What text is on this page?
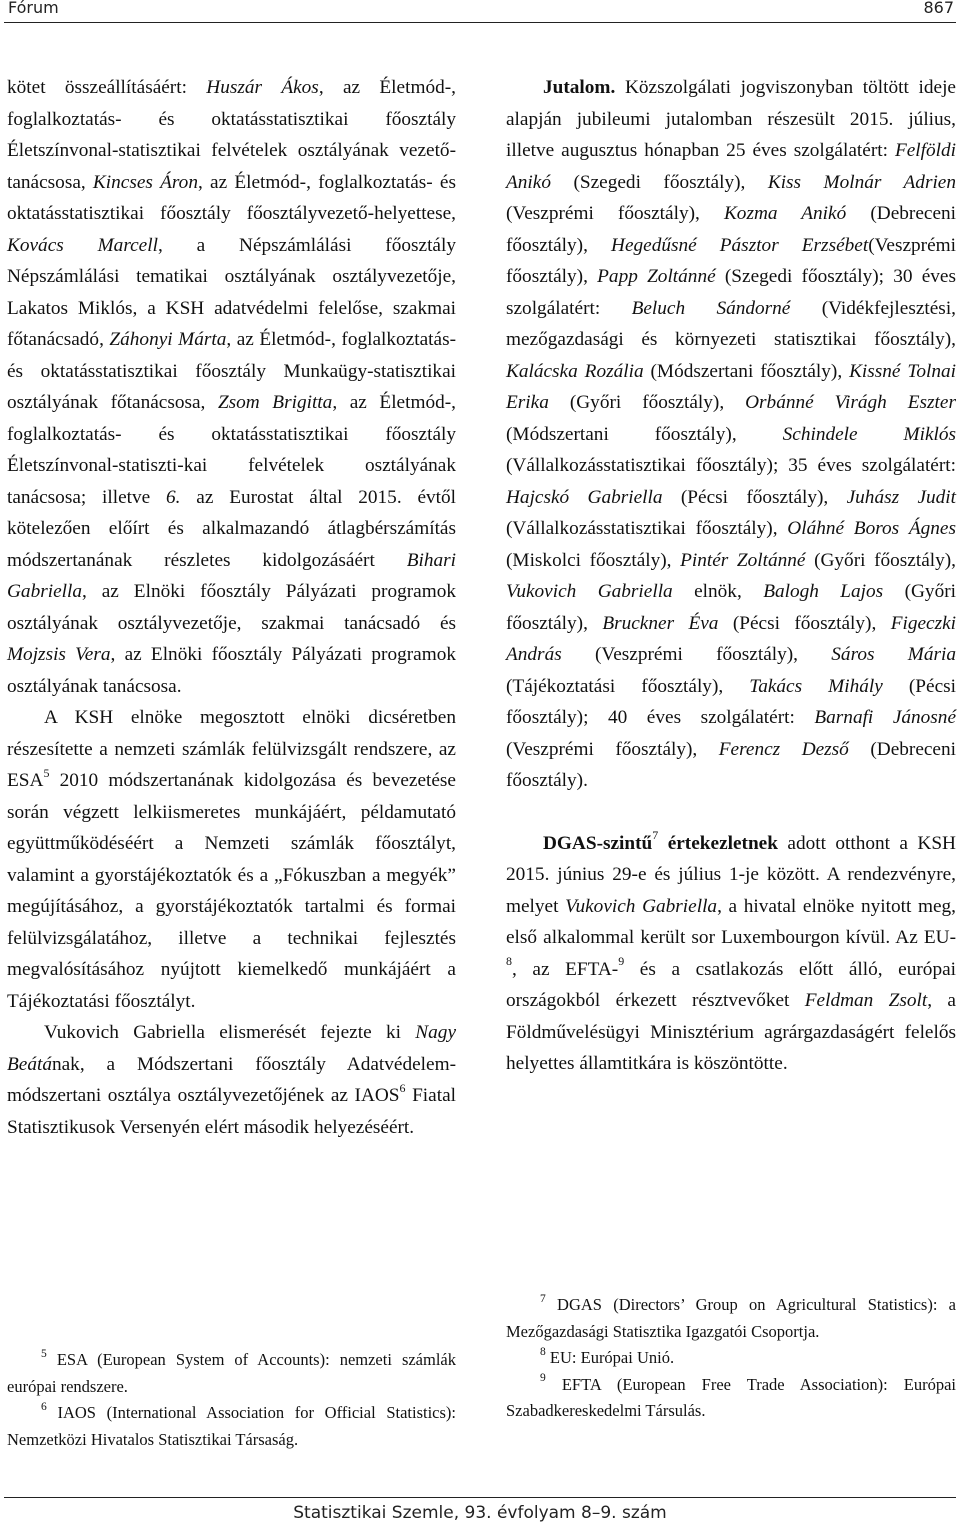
Fórum	867

kötet összeállításáért: Huszár Ákos, az Életmód-, foglalkoztatás- és oktatásstatisztikai főosztály Életszínvonal-statisztikai felvételek osztályának vezető-tanácsosa, Kincses Áron, az Életmód-, foglalkoztatás- és oktatásstatisztikai főosztály főosztályvezető-helyettese, Kovács Marcell, a Népszámlálási főosztály Népszámlálási tematikai osztályának osztályvezetője, Lakatos Miklós, a KSH adatvédelmi felelőse, szakmai főtanácsadó, Záhonyi Márta, az Életmód-, foglalkoztatás- és oktatásstatisztikai főosztály Munkaügy-statisztikai osztályának főtanácsosa, Zsom Brigitta, az Életmód-, foglalkoztatás- és oktatásstatisztikai főosztály Életszínvonal-statiszti-kai felvételek osztályának tanácsosa; illetve 6. az Eurostat által 2015. évtől kötelezően előírt és alkalmazandó átlagbérszámítás módszertanának részletes kidolgozásáért Bihari Gabriella, az Elnöki főosztály Pályázati programok osztályának osztályvezetője, szakmai tanácsadó és Mojzsis Vera, az Elnöki főosztály Pályázati programok osztályának tanácsosa.

A KSH elnöke megosztott elnöki dicséretben részesítette a nemzeti számlák felülvizsgált rendszere, az ESA$^5$ 2010 módszertanának kidolgozása és bevezetése során végzett lelkiismeretes munkájáért, példamutató együttműködéséért a Nemzeti számlák főosztályt, valamint a gyorstájékoztatók és a „Fókuszban a megyék” megújításához, a gyorstájékoztatók tartalmi és formai felülvizsgálatához, illetve a technikai fejlesztés megvalósításához nyújtott kiemelkedő munkájáért a Tájékoztatási főosztályt.

Vukovich Gabriella elismerését fejezte ki Nagy Beátának, a Módszertani főosztály Adatvédelem-módszertani osztálya osztályvezetőjének az IAOS$^6$ Fiatal Statisztikusok Versenyén elért második helyezéséért.

$^5$ ESA (European System of Accounts): nemzeti számlák európai rendszere.

$^6$ IAOS (International Association for Official Statistics): Nemzetközi Hivatalos Statisztikai Társaság.

Jutalom. Közszolgálati jogviszonyban töltött ideje alapján jubileumi jutalomban részesült 2015. július, illetve augusztus hónapban 25 éves szolgálatért: Felföldi Anikó (Szegedi főosztály), Kiss Molnár Adrien (Veszprémi főosztály), Kozma Anikó (Debreceni főosztály), Hegedűsné Pásztor Erzsébet(Veszprémi főosztály), Papp Zoltánné (Szegedi főosztály); 30 éves szolgálatért: Beluch Sándorné (Vidékfejlesztési, mezőgazdasági és környezeti statisztikai főosztály), Kalácska Rozália (Módszertani főosztály), Kissné Tolnai Erika (Győri főosztály), Orbánné Virágh Eszter (Módszertani főosztály), Schindele Miklós (Vállalkozásstatisztikai főosztály); 35 éves szolgálatért: Hajcskó Gabriella (Pécsi főosztály), Juhász Judit (Vállalkozásstatisztikai főosztály), Oláhné Boros Ágnes (Miskolci főosztály), Pintér Zoltánné (Győri főosztály), Vukovich Gabriella elnök, Balogh Lajos (Győri főosztály), Bruckner Éva (Pécsi főosztály), Figeczki András (Veszprémi főosztály), Sáros Mária (Tájékoztatási főosztály), Takács Mihály (Pécsi főosztály); 40 éves szolgálatért: Barnafi Jánosné (Veszprémi főosztály), Ferencz Dezső (Debreceni főosztály).

DGAS-szintű$^7$ értekezletnek adott otthont a KSH 2015. június 29-e és július 1-je között. A rendezvényre, melyet Vukovich Gabriella, a hivatal elnöke nyitott meg, első alkalommal került sor Luxembourgon kívül. Az EU-$^8$, az EFTA-$^9$ és a csatlakozás előtt álló, európai országokból érkezett résztvevőket Feldman Zsolt, a Földművelésügyi Minisztérium agrárgazdaságért felelős helyettes államtitkára is köszöntötte.

$^7$ DGAS (Directors’ Group on Agricultural Statistics): a Mezőgazdasági Statisztika Igazgatói Csoportja.

$^8$ EU: Európai Unió.

$^9$ EFTA (European Free Trade Association): Európai Szabadkereskedelmi Társulás.

Statisztikai Szemle, 93. évfolyam 8–9. szám
